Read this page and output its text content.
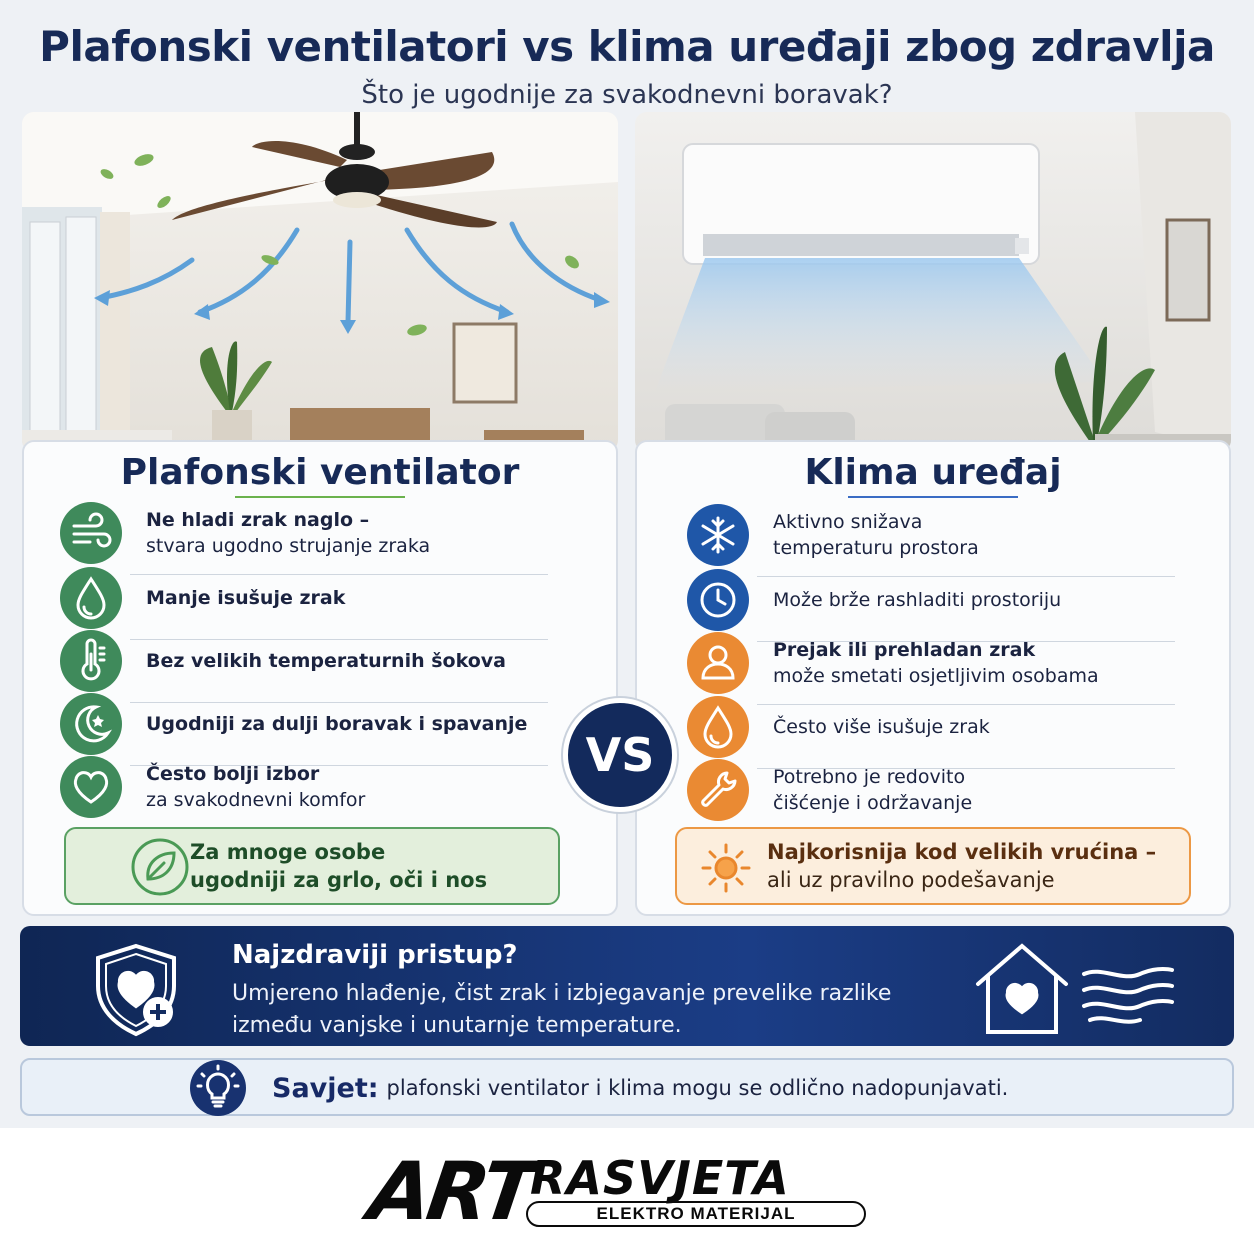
Plafonski ventilatori vs klima uređaji zbog zdravlja
Što je ugodnije za svakodnevni boravak?
Plafonski ventilator
Ne hladi zrak naglo –
stvara ugodno strujanje zraka
Manje isušuje zrak
Bez velikih temperaturnih šokova
Ugodniji za dulji boravak i spavanje
Često bolji izbor
za svakodnevni komfor
Za mnoge osobe
ugodniji za grlo, oči i nos
Klima uređaj
Aktivno snižava
temperaturu prostora
Može brže rashladiti prostoriju
Prejak ili prehladan zrak
može smetati osjetljivim osobama
Često više isušuje zrak
Potrebno je redovito
čišćenje i održavanje
Najkorisnija kod velikih vrućina –
ali uz pravilno podešavanje
VS
Najzdraviji pristup?
Umjereno hlađenje, čist zrak i izbjegavanje prevelike razlike između vanjske i unutarnje temperature.
Savjet: plafonski ventilator i klima mogu se odlično nadopunjavati.
ART
RASVJETA
ELEKTRO MATERIJAL
